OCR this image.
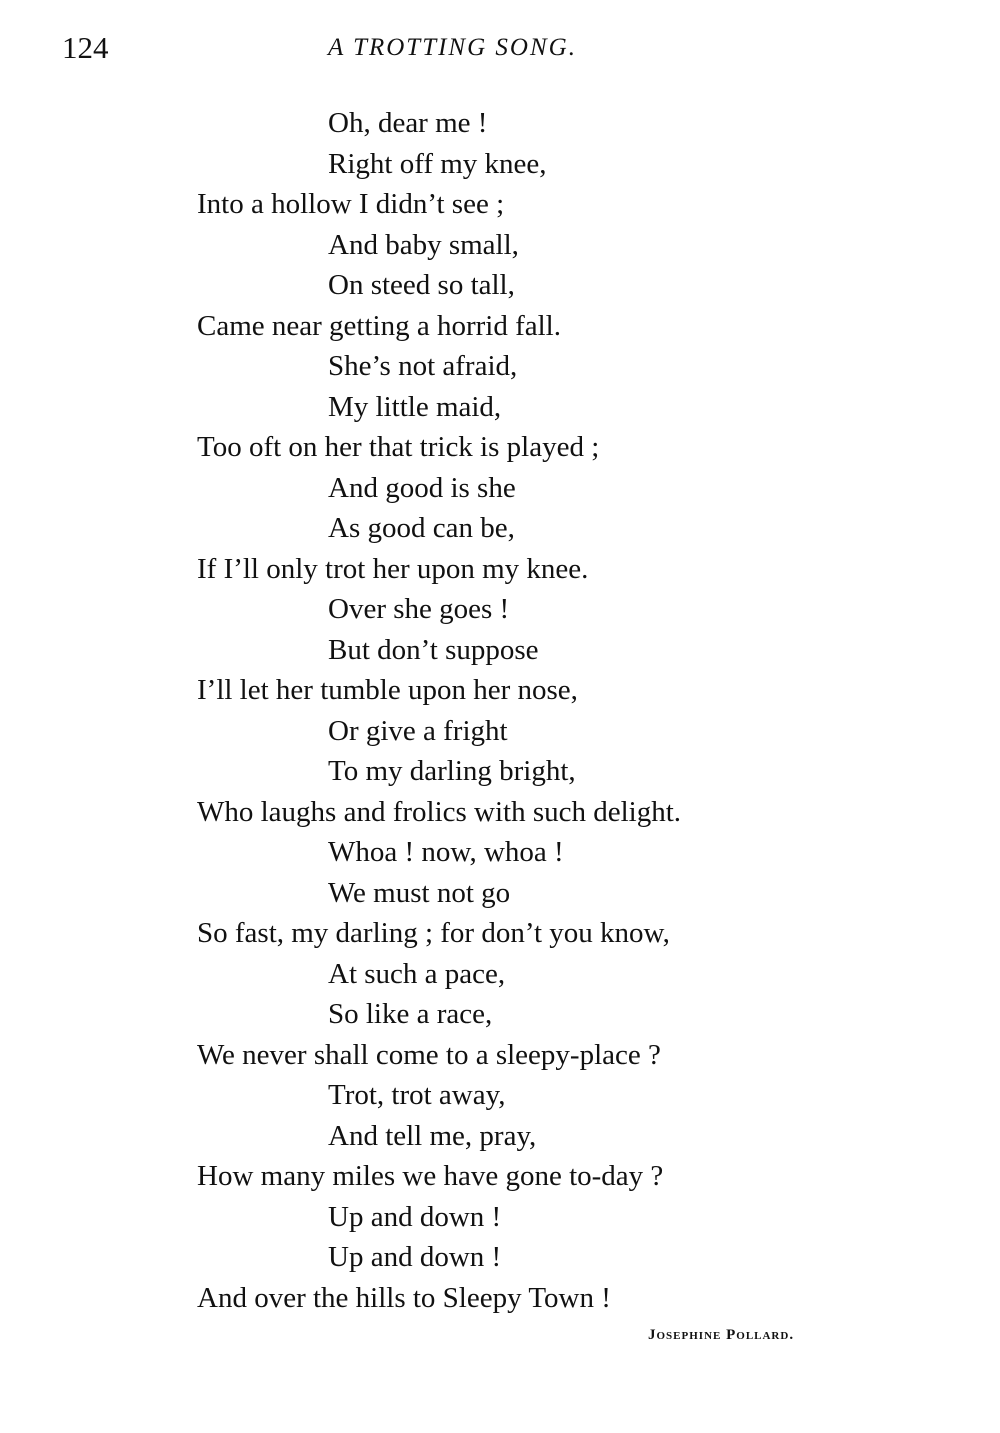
124	A TROTTING SONG.
Oh, dear me !
Right off my knee,
Into a hollow I didn’t see ;
And baby small,
On steed so tall,
Came near getting a horrid fall.
She’s not afraid,
My little maid,
Too oft on her that trick is played ;
And good is she
As good can be,
If I’ll only trot her upon my knee.
Over she goes !
But don’t suppose
I’ll let her tumble upon her nose,
Or give a fright
To my darling bright,
Who laughs and frolics with such delight.
Whoa ! now, whoa !
We must not go
So fast, my darling ; for don’t you know,
At such a pace,
So like a race,
We never shall come to a sleepy-place ?
Trot, trot away,
And tell me, pray,
How many miles we have gone to-day ?
Up and down !
Up and down !
And over the hills to Sleepy Town !
Josephine Pollard.
